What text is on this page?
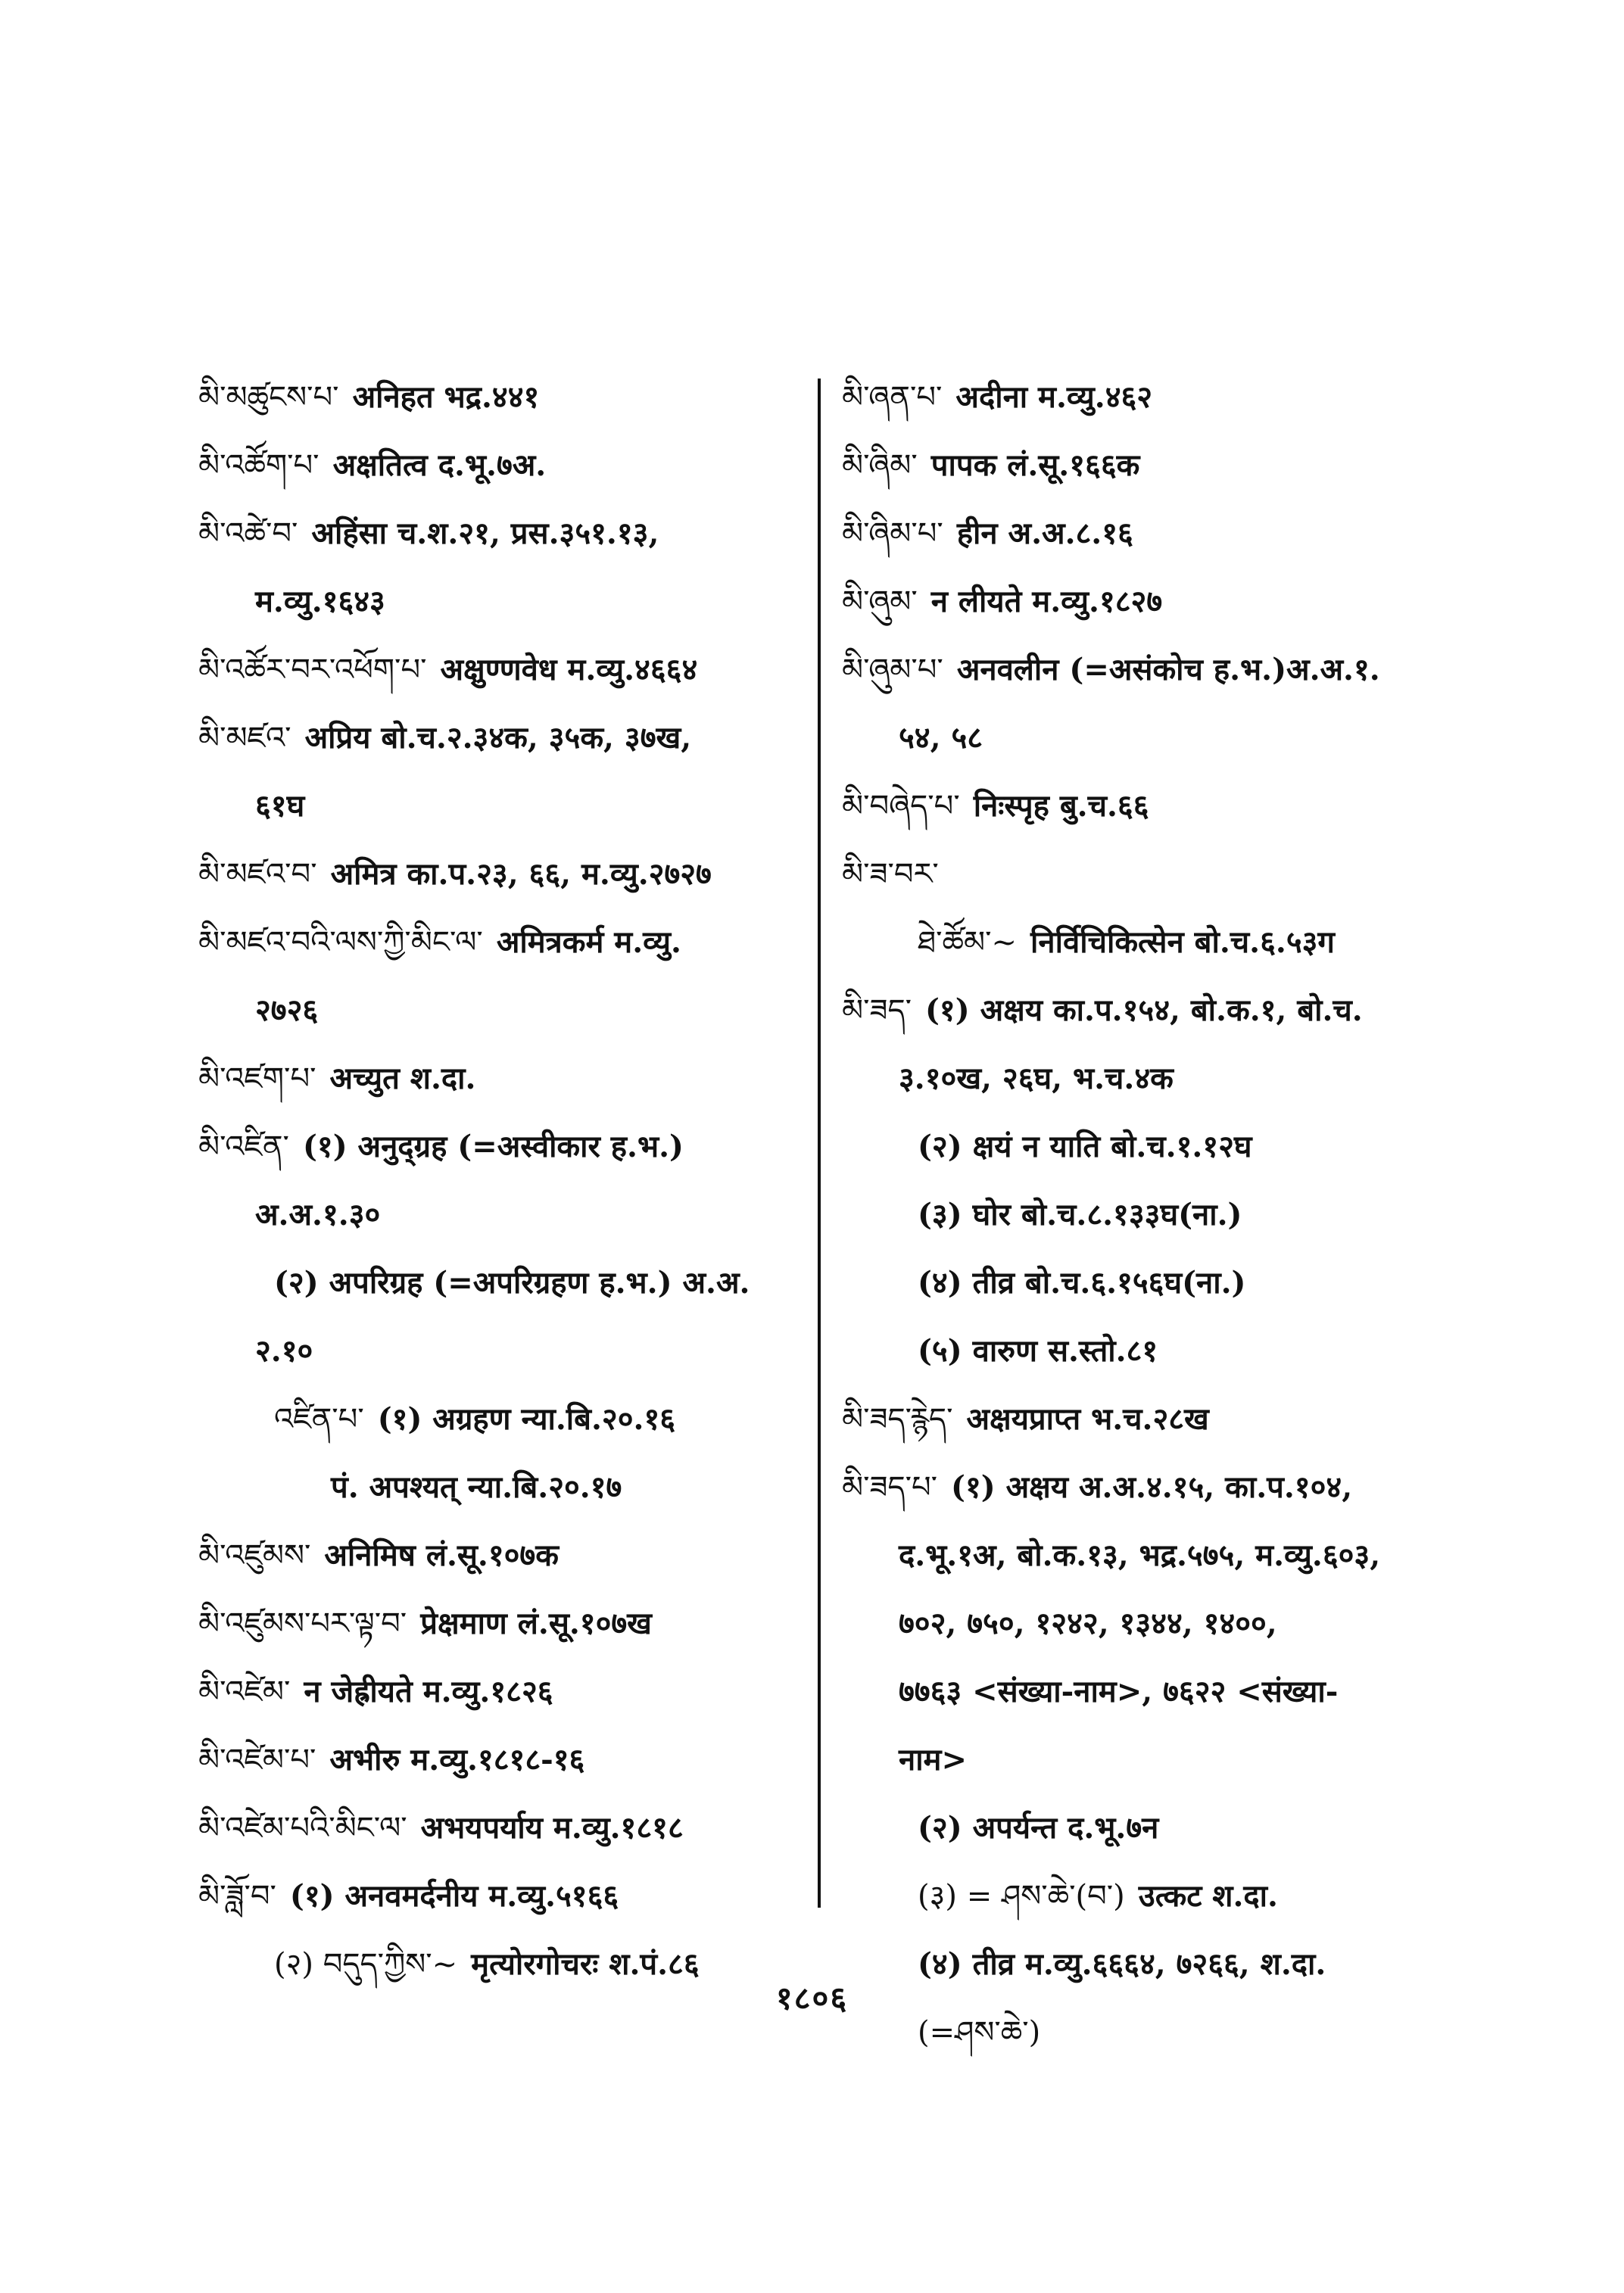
མི་མཚུངས་པ་ अनिहत भद्र.४४१
མི་འཚོག་པ་ अक्षतित्व द.भू.७अ.
མི་འཚེ་བ་ अहिंसा च.श.२१, प्रस.३५१.१३,
म.व्यु.१६४३
མི་འཚོར་བར་འཕོག་པ་ अक्षुण्णवेध म.व्यु.४६६४
མི་མཛའ་ अप्रिय बो.च.२.३४क, ३५क, ३७ख,
६१घ
མི་མཛའ་བ་ अमित्र का.प.२३, ६६, म.व्यु.२७२७
མི་མཛའ་བའི་ལས་ཀྱི་མིང་ལ་ अमित्रकर्म म.व्यु.
२७२६
མི་འཛག་པ་ अच्युत श.दा.
མི་འཛིན་ (१) अनुद्ग्रह (=अस्वीकार ह.भ.)
अ.अ.१.३०
(२) अपरिग्रह (=अपरिग्रहण ह.भ.) अ.अ.
२.१०
འཛིན་པ་ (१) अग्रहण न्या.बि.२०.१६
पं. अपश्यत् न्या.बि.२०.१७
མི་འཛུམས་ अनिमिष लं.सू.१०७क
མི་འཛུམས་པར་ལྟ་བ་ प्रेक्षमाण लं.सू.१०७ख
མི་འཛེམ་ न जेह्रीयते म.व्यु.१८२६
མི་འཛེམ་པ་ अभीरु म.व्यु.१८१८-१६
མི་འཛེམ་པའི་མིང་ལ་ अभयपर्याय म.व्यु.१८१८
མི་ཟློ་བ་ (१) अनवमर्दनीय म.व्यु.५१६६
(२) བདུད་ཀྱིས་~ मृत्योरगोचरः श.पं.८६
མི་ཞན་པ་ अदीना म.व्यु.४६२
མི་ཞིམ་ पापक लं.सू.१६६क
མི་ཞིམ་པ་ हीन अ.अ.८.१६
མི་ཞུམ་ न लीयते म.व्यु.१८२७
མི་ཞུམ་པ་ अनवलीन (=असंकोच ह.भ.)अ.अ.१.
५४, ५८
མི་བཞེད་པ་ निःस्पृह बु.च.६६
མི་ཟ་བར་
ཐེ་ཚོམ་~ निर्विचिकित्सेन बो.च.६.५३ग
མི་ཟད་ (१) अक्षय का.प.१५४, बो.क.१, बो.च.
३.१०ख, २६घ, भ.च.४क
(२) क्षयं न याति बो.च.१.१२घ
(३) घोर बो.च.८.१३३घ(ना.)
(४) तीव्र बो.च.६.१५६घ(ना.)
(५) वारुण स.स्तो.८१
མི་ཟད་རྙེད་ अक्षयप्राप्त भ.च.२८ख
མི་ཟད་པ་ (१) अक्षय अ.अ.४.१५, का.प.१०४,
द.भू.१अ, बो.क.१३, भद्र.५७५, म.व्यु.६०३,
७०२, ७५०, १२४२, १३४४, १४००,
७७६३ <संख्या-नाम>, ७६२२ <संख्या-
नाम>
(२) अपर्यन्त द.भू.७न
(३) = ཤས་ཆེ་(བ་) उत्कट श.दा.
(४) तीव्र म.व्यु.६६६४, ७२६६, श.दा.
(=ཤས་ཆེ་)
१८०६
